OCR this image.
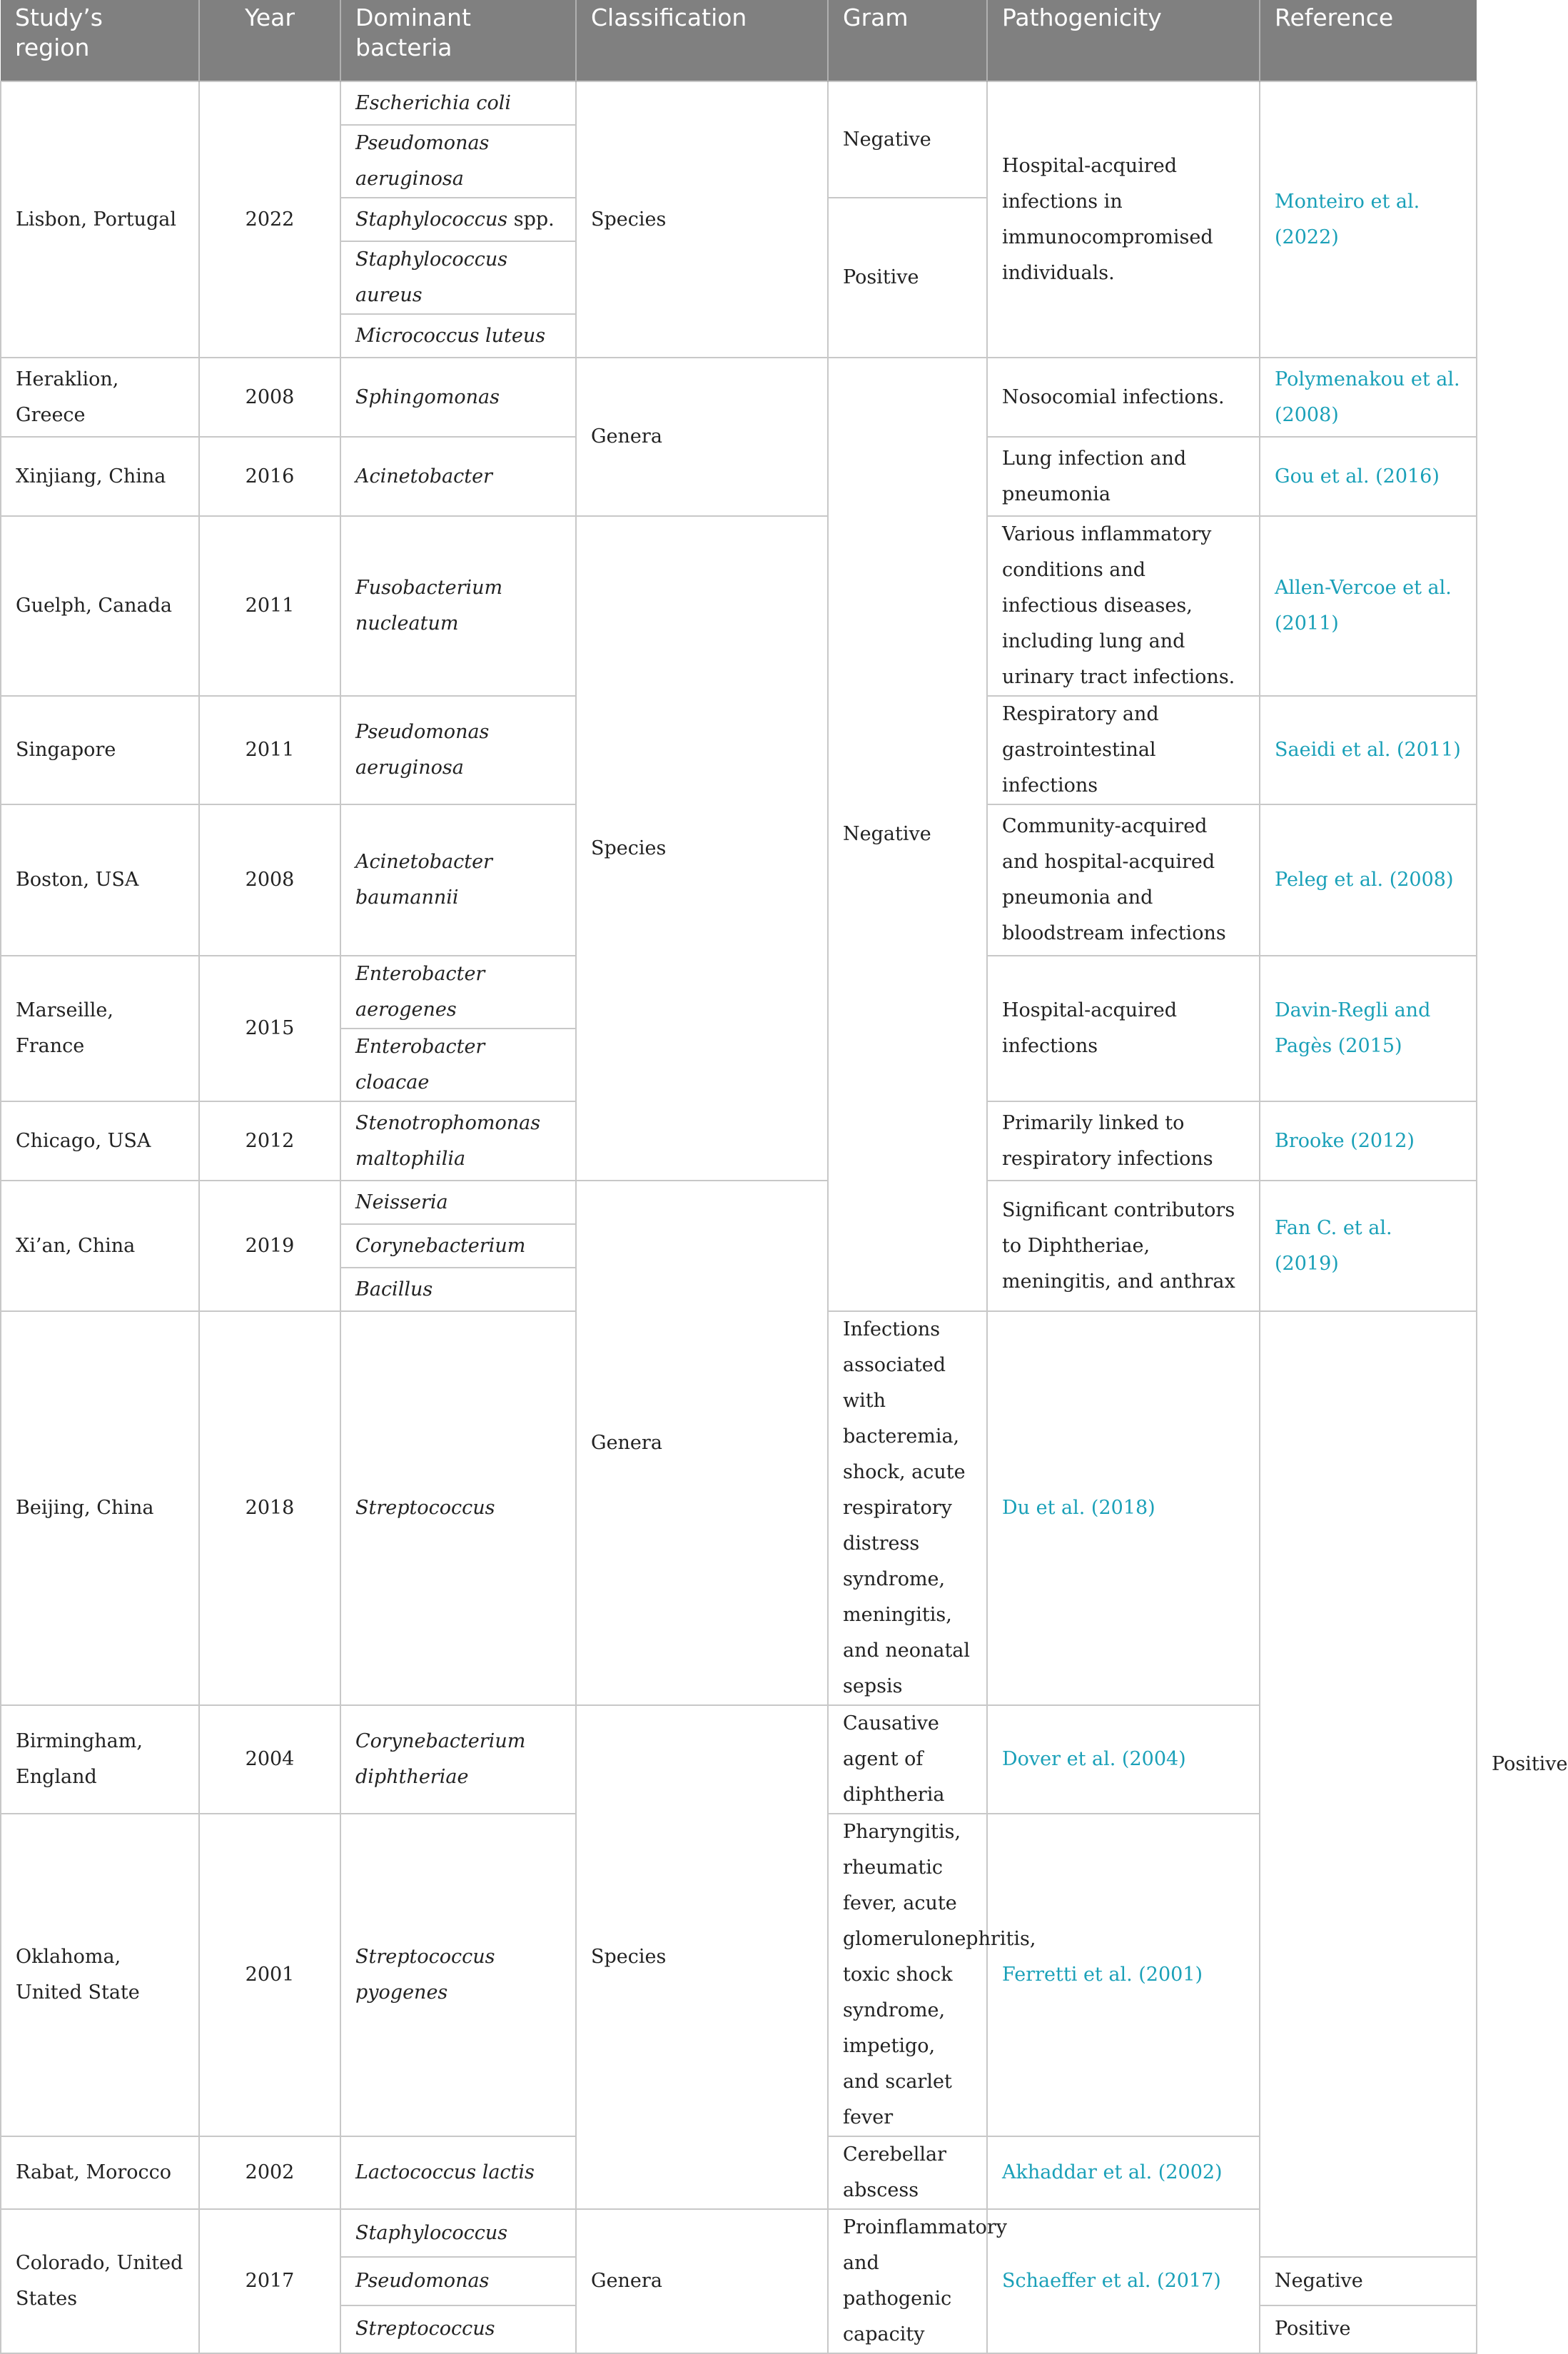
Study’s region	Year	Dominant bacteria	Classification	Gram	Pathogenicity	Reference	
Lisbon, Portugal	2022	Escherichia coli	Species	Negative	Hospital-acquired infections in immunocompromised individuals.	Monteiro et al. (2022)	
		Pseudomonas aeruginosa					
		Staphylococcus spp.		Positive			
		Staphylococcus aureus					
		Micrococcus luteus					
Heraklion, Greece	2008	Sphingomonas	Genera	Negative	Nosocomial infections.	Polymenakou et al. (2008)	
Xinjiang, China	2016	Acinetobacter			Lung infection and pneumonia	Gou et al. (2016)	
Guelph, Canada	2011	Fusobacterium nucleatum	Species		Various inflammatory conditions and infectious diseases, including lung and urinary tract infections.	Allen-Vercoe et al. (2011)	
Singapore	2011	Pseudomonas aeruginosa			Respiratory and gastrointestinal infections	Saeidi et al. (2011)	
Boston, USA	2008	Acinetobacter baumannii			Community-acquired and hospital-acquired pneumonia and bloodstream infections	Peleg et al. (2008)	
Marseille, France	2015	Enterobacter aerogenes			Hospital-acquired infections	Davin-Regli and Pagès (2015)	
		Enterobacter cloacae					
Chicago, USA	2012	Stenotrophomonas maltophilia			Primarily linked to respiratory infections	Brooke (2012)	
Xi’an, China	2019	Neisseria	Genera		Significant contributors to Diphtheriae, meningitis, and anthrax	Fan C. et al. (2019)	
		Corynebacterium					Positive
		Bacillus					
Beijing, China	2018	Streptococcus		Infections associated with bacteremia, shock, acute respiratory distress syndrome, meningitis, and neonatal sepsis	Du et al. (2018)		
Birmingham, England	2004	Corynebacterium diphtheriae	Species	Causative agent of diphtheria	Dover et al. (2004)		
Oklahoma, United State	2001	Streptococcus pyogenes		Pharyngitis, rheumatic fever, acute glomerulonephritis, toxic shock syndrome, impetigo, and scarlet fever	Ferretti et al. (2001)		
Rabat, Morocco	2002	Lactococcus lactis		Cerebellar abscess	Akhaddar et al. (2002)		
Colorado, United States	2017	Staphylococcus	Genera	Proinflammatory and pathogenic capacity	Schaeffer et al. (2017)		
		Pseudomonas				Negative	
		Streptococcus				Positive	
